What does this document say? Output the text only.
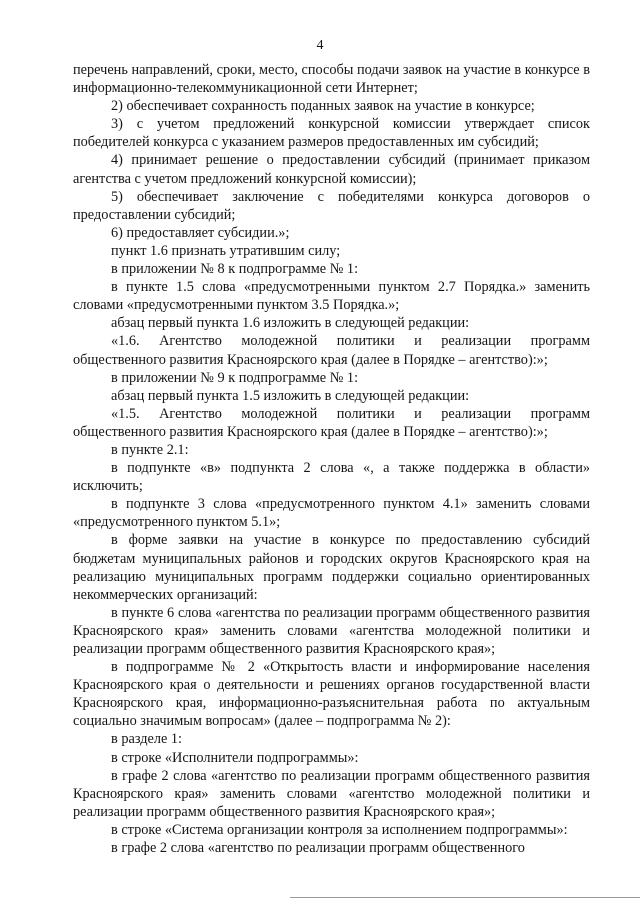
4

перечень направлений, сроки, место, способы подачи заявок на участие в конкурсе в информационно-телекоммуникационной сети Интернет;

2) обеспечивает сохранность поданных заявок на участие в конкурсе;

3) с учетом предложений конкурсной комиссии утверждает список победителей конкурса с указанием размеров предоставленных им субсидий;

4) принимает решение о предоставлении субсидий (принимает приказом агентства с учетом предложений конкурсной комиссии);

5) обеспечивает заключение с победителями конкурса договоров о предоставлении субсидий;

6) предоставляет субсидии.»;

пункт 1.6 признать утратившим силу;

в приложении № 8 к подпрограмме № 1:

в пункте 1.5 слова «предусмотренными пунктом 2.7 Порядка.» заменить словами «предусмотренными пунктом 3.5 Порядка.»;

абзац первый пункта 1.6 изложить в следующей редакции:

«1.6. Агентство молодежной политики и реализации программ общественного развития Красноярского края (далее в Порядке – агентство):»;

в приложении № 9 к подпрограмме № 1:

абзац первый пункта 1.5 изложить в следующей редакции:

«1.5. Агентство молодежной политики и реализации программ общественного развития Красноярского края (далее в Порядке – агентство):»;

в пункте 2.1:

в подпункте «в» подпункта 2 слова «, а также поддержка в области» исключить;

в подпункте 3 слова «предусмотренного пунктом 4.1» заменить словами «предусмотренного пунктом 5.1»;

в форме заявки на участие в конкурсе по предоставлению субсидий бюджетам муниципальных районов и городских округов Красноярского края на реализацию муниципальных программ поддержки социально ориентированных некоммерческих организаций:

в пункте 6 слова «агентства по реализации программ общественного развития Красноярского края» заменить словами «агентства молодежной политики и реализации программ общественного развития Красноярского края»;

в подпрограмме № 2 «Открытость власти и информирование населения Красноярского края о деятельности и решениях органов государственной власти Красноярского края, информационно-разъяснительная работа по актуальным социально значимым вопросам» (далее – подпрограмма № 2):

в разделе 1:

в строке «Исполнители подпрограммы»:

в графе 2 слова «агентство по реализации программ общественного развития Красноярского края» заменить словами «агентство молодежной политики и реализации программ общественного развития Красноярского края»;

в строке «Система организации контроля за исполнением подпрограммы»:

в графе 2 слова «агентство по реализации программ общественного
